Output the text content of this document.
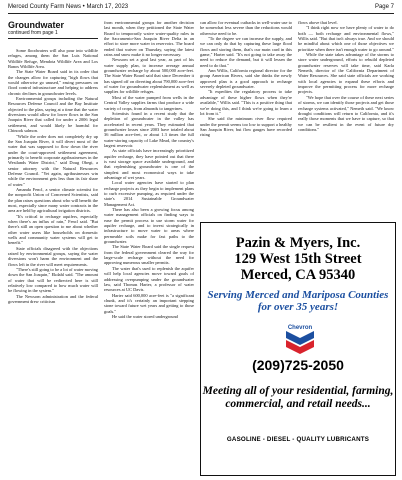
Merced County Farm News • March 17, 2023	Page 7
Groundwater
continued from page 1

Some floodwaters will also pour into wildlife refuges, among them the San Luis National Wildlife Refuge, Mendota Wildlife Area and Los Banos Wildlife Area.

The State Water Board said in its order that the changes allow for capturing "high flows that would otherwise go unused," easing pressures on flood control infrastructure and helping to address chronic declines in groundwater levels.

Environmental groups including the Natural Resources Defense Council and the Bay Institute objected to the plan, saying at a time that the water diversions would allow for lower flows in the San Joaquin River that called for under a 2006 legal settlement, and would likely be harmful for Chinook salmon.

"While the order does not completely dry up the San Joaquin River, it will divert most of the water that was supposed to flow down the river under the court-approved settlement agreement, primarily to benefit corporate agribusinesses in the Westlands Water District," said Doug Obegi, a senior attorney with the Natural Resources Defense Council. "Yet again, agribusinesses win while the environment gets less than its fair share of water."

Amanda Fencl, a senior climate scientist for the nonprofit Union of Concerned Scientists, said the plan raises questions about who will benefit the most, especially since many water contracts in the area are held by agricultural irrigation districts.

"It's critical to recharge aquifers, especially when there's an influx of rain," Fencl said. "But there's still an open question to me about whether other water users like households on domestic wells and community water systems will get to benefit."

State officials disagreed with the objections raised by environmental groups, saying the water diversions won't harm the environment and the flows left in the river will meet requirements.

"There's still going to be a lot of water moving down the San Joaquin," Ekdahl said. "The amount of water that will be redirected here is still relatively low compared to how much water will be flowing in the system."

The Newsom administration and the federal government drew criticism

from environmental groups for another decision last month, when they petitioned the State Water Board to temporarily waive water-quality rules in the Sacramento-San Joaquin River Delta in an effort to store more water in reservoirs. The board ended that waiver on Thursday, saying the latest rains and snow make it no longer necessary.

Newsom set a goal last year, as part of his water supply plan, to increase average annual groundwater recharge by about 500,000 acre-feet. The State Water Board said that since December it has signed off on diverting about 790,000 acre-feet of water for groundwater replenishment as well as supplies for wildlife refuges.

Most of the water pumped from wells in the Central Valley supplies farms that produce a wide variety of crops, from almonds to tangerines.

Scientists found in a recent study that the depletion of groundwater in the valley has accelerated in recent years. They estimated that groundwater losses since 2003 have totaled about 36 million acre-feet, or about 1.3 times the full water-storing capacity of Lake Mead, the country's largest reservoir.

As state officials have increasingly prioritized aquifer recharge, they have pointed out that there is vast storage space available underground, and that replenishing groundwater is one of the simplest and most economical ways to take advantage of wet years.

Local water agencies have started to plan recharge projects as they begin to implement plans to curb excessive pumping, as required under the state's 2014 Sustainable Groundwater Management Act.

There has also been a growing focus among water management officials on finding ways to ease the permit process to use storm water for aquifer recharge, and to invest strategically in infrastructure to move water to areas where permeable soils make for fast paths to the groundwater.

The State Water Board said the single request from the federal government cleared the way for large-scale recharge without the need for approving numerous smaller permits.

The water that's used to replenish the aquifer will help local agencies move toward goals of addressing overpumping under the groundwater law, said Thomas Harter, a professor of water resources at UC Davis.

Harter said 600,000 acre-feet is "a significant chunk, and it's certainly an important stepping stone toward future wet years and getting to those goals."

He said the water stored underground

can allow for eventual cutbacks in well-water use to be somewhat less severe than the reductions would otherwise need to be.

"To the degree we can increase the supply, and we can only do that by capturing these large flood flows and storing them, that's our main card in this game," Harter said. "It's not going to take away the need to reduce the demand, but it will lessen the need to do that."

Ann Willis, California regional director for the group American Rivers, said she thinks the newly approved plan is a good approach to recharge severely depleted groundwater.

"It expedites the regulatory process to take advantage of these higher flows when they're available," Willis said. "This is a positive thing that we're doing this, and I think we're going to learn a lot from it."

She said the minimum river flow required under the permit seems too low to support a healthy San Joaquin River, but flow gauges have recorded rising

flows above that level.

"I think right now we have plenty of water to do both — both recharge and environmental flows," Willis said. "But that isn't always true. And we should be mindful about which one of those objectives we prioritize when there isn't enough water to go around."

While the state takes advantage of the storms to store water underground, efforts to rebuild depleted groundwater reserves will take time, said Karla Nemeth, director of the California Department of Water Resources. She said state officials are working with local agencies to expand these efforts and improve the permitting process for more recharge projects.

"We hope that over the course of these next series of storms, we can identify those projects and get those recharge systems activated," Nemeth said. "We know drought conditions will return to California, and it's really those moments that we have to capture, so that we can be resilient in the event of future dry conditions."

Pazin & Myers, Inc.
129 West 15th Street
Merced, CA 95340
Serving Merced and Mariposa Counties for over 35 years!
Chevron
(209)725-2050
Meeting all of your residential, farming, commercial, and retail needs...
GASOLINE - DIESEL - QUALITY LUBRICANTS
